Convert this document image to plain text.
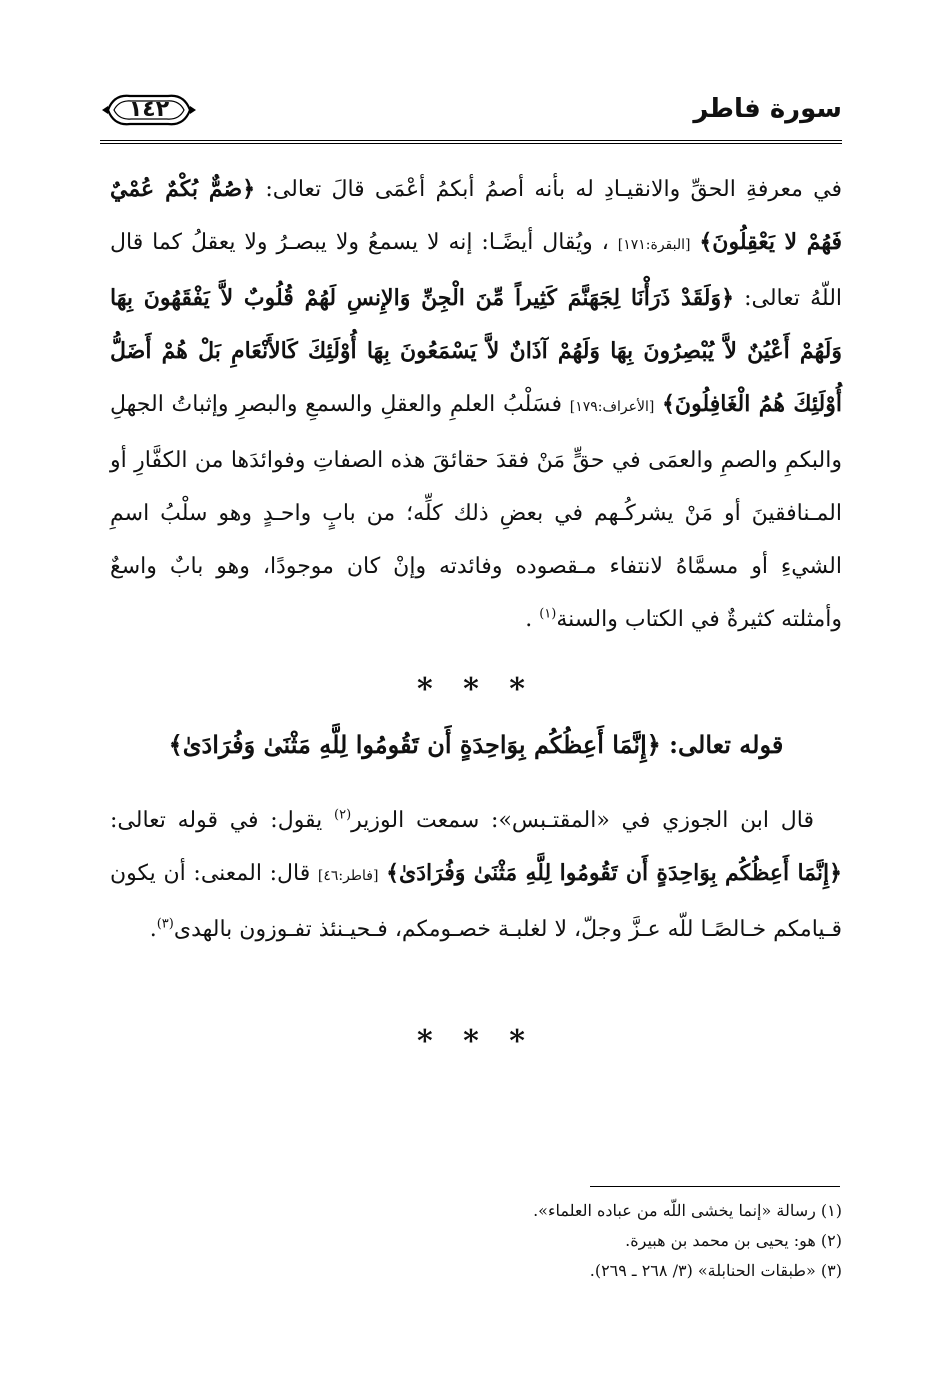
سورة فاطر
١٤٢

في معرفةِ الحقِّ والانقيـادِ له بأنه أصمُ أبكمُ أعْمَى قالَ تعالى: ﴿صُمٌّ بُكْمٌ عُمْيٌ فَهُمْ لا يَعْقِلُونَ﴾ [البقرة:١٧١] ، ويُقال أيضًـا: إنه لا يسمعُ ولا يبصـرُ ولا يعقلُ كما قال اللّهُ تعالى: ﴿وَلَقَدْ ذَرَأْنَا لِجَهَنَّمَ كَثِيراً مِّنَ الْجِنِّ وَالإِنسِ لَهُمْ قُلُوبٌ لاَّ يَفْقَهُونَ بِهَا وَلَهُمْ أَعْيُنٌ لاَّ يُبْصِرُونَ بِهَا وَلَهُمْ آذَانٌ لاَّ يَسْمَعُونَ بِهَا أُوْلَئِكَ كَالأَنْعَامِ بَلْ هُمْ أَضَلُّ أُوْلَئِكَ هُمُ الْغَافِلُونَ﴾ [الأعراف:١٧٩] فسَلْبُ العلمِ والعقلِ والسمعِ والبصرِ وإثباتُ الجهلِ والبكمِ والصمِ والعمَى في حقٍّ مَنْ فقدَ حقائقَ هذه الصفاتِ وفوائدَها من الكفَّارِ أو المـنافقينَ أو مَنْ يشركُـهم في بعضِ ذلك كلِّه؛ من بابٍ واحـدٍ وهو سلْبُ اسمِ الشيءِ أو مسمَّاهُ لانتفاء مـقصوده وفائدته وإنْ كان موجودًا، وهو بابٌ واسعٌ وأمثلته كثيرةٌ في الكتاب والسنة$^{(١)}$ .

* * *
قوله تعالى: ﴿إِنَّمَا أَعِظُكُم بِوَاحِدَةٍ أَن تَقُومُوا لِلَّهِ مَثْنَىٰ وَفُرَادَىٰ﴾

قال ابن الجوزي في «المقتـبس»: سمعت الوزير$^{(٢)}$ يقول: في قوله تعالى: ﴿إِنَّمَا أَعِظُكُم بِوَاحِدَةٍ أَن تَقُومُوا لِلَّهِ مَثْنَىٰ وَفُرَادَىٰ﴾ [فاطر:٤٦] قال: المعنى: أن يكون قـيامكم خـالصًـا للّه عـزَّ وجلّ، لا لغلبـة خصـومكم، فـحيـنئذ تفـوزون بالهدى$^{(٣)}$.

* * *
(١) رسالة «إنما يخشى اللّه من عباده العلماء».
(٢) هو: يحيى بن محمد بن هبيرة.
(٣) «طبقات الحنابلة» (٣/ ٢٦٨ ـ ٢٦٩).
